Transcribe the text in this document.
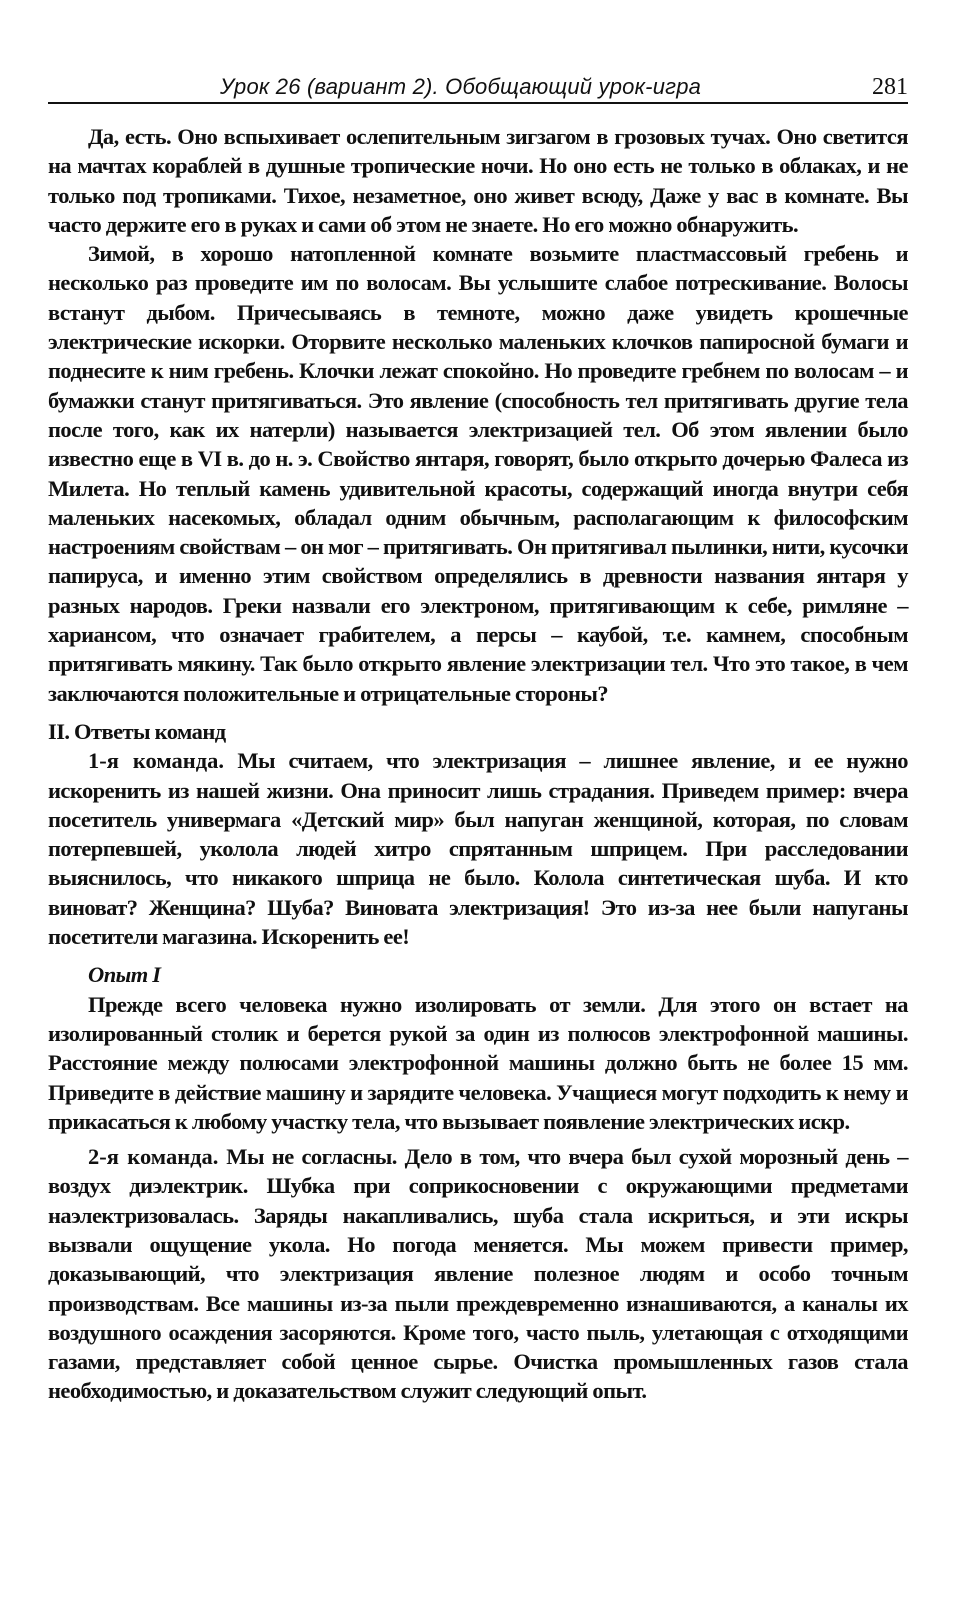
Урок 26 (вариант 2). Обобщающий урок-игра	281

Да, есть. Оно вспыхивает ослепительным зигзагом в грозовых тучах. Оно светится на мачтах кораблей в душные тропические ночи. Но оно есть не только в облаках, и не только под тропиками. Тихое, незаметное, оно живет всюду, Даже у вас в комнате. Вы часто держите его в руках и сами об этом не знаете. Но его можно обнаружить.

Зимой, в хорошо натопленной комнате возьмите пластмассовый гребень и несколько раз проведите им по волосам. Вы услышите слабое потрескивание. Волосы встанут дыбом. Причесываясь в темноте, можно даже увидеть крошечные электрические искорки. Оторвите несколько маленьких клочков папиросной бумаги и поднесите к ним гребень. Клочки лежат спокойно. Но проведите гребнем по волосам – и бумажки станут притягиваться. Это явление (способность тел притягивать другие тела после того, как их натерли) называется электризацией тел. Об этом явлении было известно еще в VI в. до н. э. Свойство янтаря, говорят, было открыто дочерью Фалеса из Милета. Но теплый камень удивительной красоты, содержащий иногда внутри себя маленьких насекомых, обладал одним обычным, располагающим к философским настроениям свойствам – он мог – притягивать. Он притягивал пылинки, нити, кусочки папируса, и именно этим свойством определялись в древности названия янтаря у разных народов. Греки назвали его электроном, притягивающим к себе, римляне – харианcом, что означает грабителем, а персы – каубой, т.е. камнем, способным притягивать мякину. Так было открыто явление электризации тел. Что это такое, в чем заключаются положительные и отрицательные стороны?

II. Ответы команд

1-я команда. Мы считаем, что электризация – лишнее явление, и ее нужно искоренить из нашей жизни. Она приносит лишь страдания. Приведем пример: вчера посетитель универмага «Детский мир» был напуган женщиной, которая, по словам потерпевшей, уколола людей хитро спрятанным шприцем. При расследовании выяснилось, что никакого шприца не было. Колола синтетическая шуба. И кто виноват? Женщина? Шуба? Виновата электризация! Это из-за нее были напуганы посетители магазина. Искоренить ее!

Опыт I

Прежде всего человека нужно изолировать от земли. Для этого он встает на изолированный столик и берется рукой за один из полюсов электрофонной машины. Расстояние между полюсами электрофонной машины должно быть не более 15 мм. Приведите в действие машину и зарядите человека. Учащиеся могут подходить к нему и прикасаться к любому участку тела, что вызывает появление электрических искр.

2-я команда. Мы не согласны. Дело в том, что вчера был сухой морозный день – воздух диэлектрик. Шубка при соприкосновении с окружающими предметами наэлектризовалась. Заряды накапливались, шуба стала искриться, и эти искры вызвали ощущение укола. Но погода меняется. Мы можем привести пример, доказывающий, что электризация явление полезное людям и особо точным производствам. Все машины из-за пыли преждевременно изнашиваются, а каналы их воздушного осаждения засоряются. Кроме того, часто пыль, улетающая с отходящими газами, представляет собой ценное сырье. Очистка промышленных газов стала необходимостью, и доказательством служит следующий опыт.
